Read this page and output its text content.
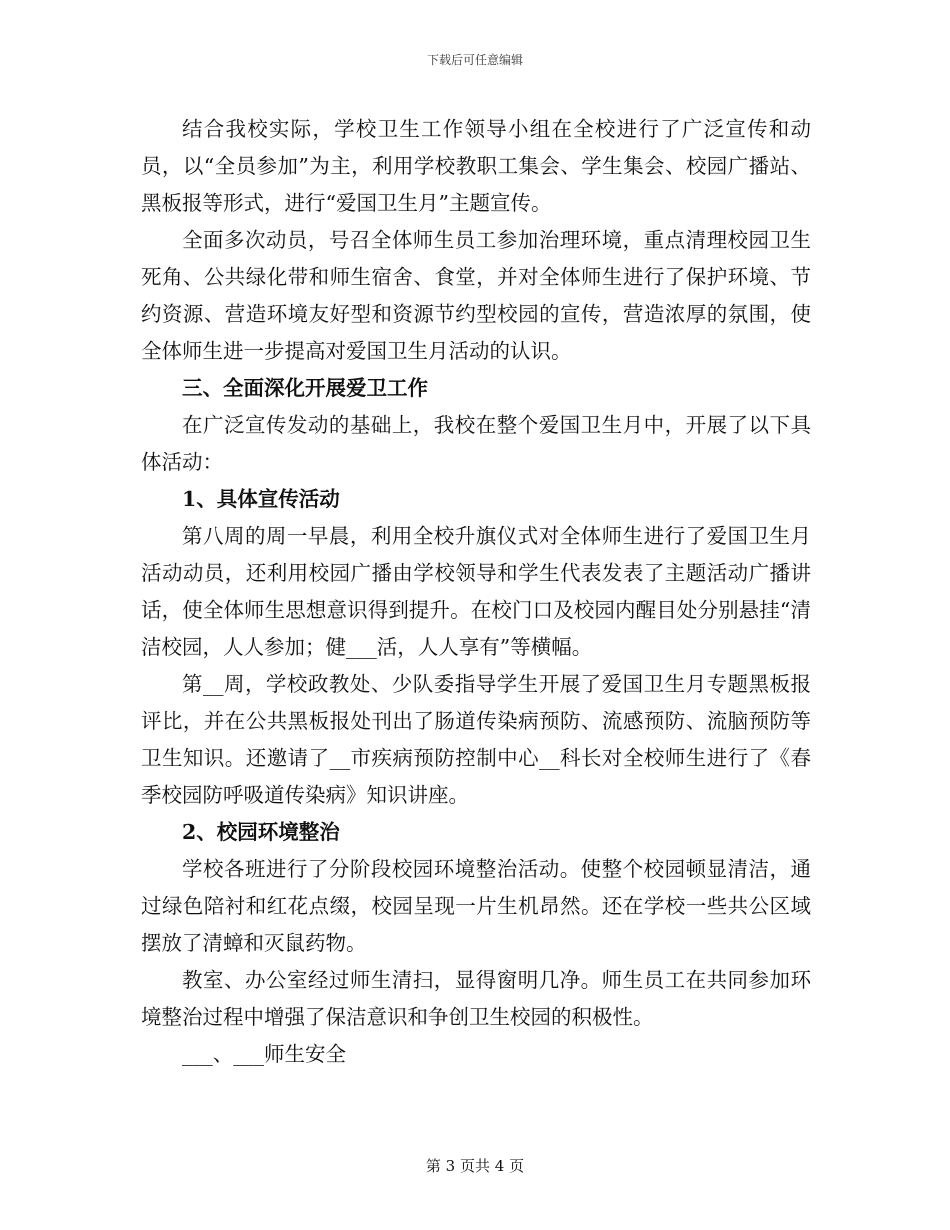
下载后可任意编辑

结合我校实际，学校卫生工作领导小组在全校进行了广泛宣传和动员，以“全员参加”为主，利用学校教职工集会、学生集会、校园广播站、黑板报等形式，进行“爱国卫生月”主题宣传。

全面多次动员，号召全体师生员工参加治理环境，重点清理校园卫生死角、公共绿化带和师生宿舍、食堂，并对全体师生进行了保护环境、节约资源、营造环境友好型和资源节约型校园的宣传，营造浓厚的氛围，使全体师生进一步提高对爱国卫生月活动的认识。

三、全面深化开展爱卫工作

在广泛宣传发动的基础上，我校在整个爱国卫生月中，开展了以下具体活动：

1、具体宣传活动

第八周的周一早晨，利用全校升旗仪式对全体师生进行了爱国卫生月活动动员，还利用校园广播由学校领导和学生代表发表了主题活动广播讲话，使全体师生思想意识得到提升。在校门口及校园内醒目处分别悬挂“清洁校园，人人参加；健___活，人人享有”等横幅。

第__周，学校政教处、少队委指导学生开展了爱国卫生月专题黑板报评比，并在公共黑板报处刊出了肠道传染病预防、流感预防、流脑预防等卫生知识。还邀请了__市疾病预防控制中心__科长对全校师生进行了《春季校园防呼吸道传染病》知识讲座。

2、校园环境整治

学校各班进行了分阶段校园环境整治活动。使整个校园顿显清洁，通过绿色陪衬和红花点缀，校园呈现一片生机昂然。还在学校一些共公区域摆放了清蟑和灭鼠药物。

教室、办公室经过师生清扫，显得窗明几净。师生员工在共同参加环境整治过程中增强了保洁意识和争创卫生校园的积极性。

___、___师生安全

第 3 页共 4 页
